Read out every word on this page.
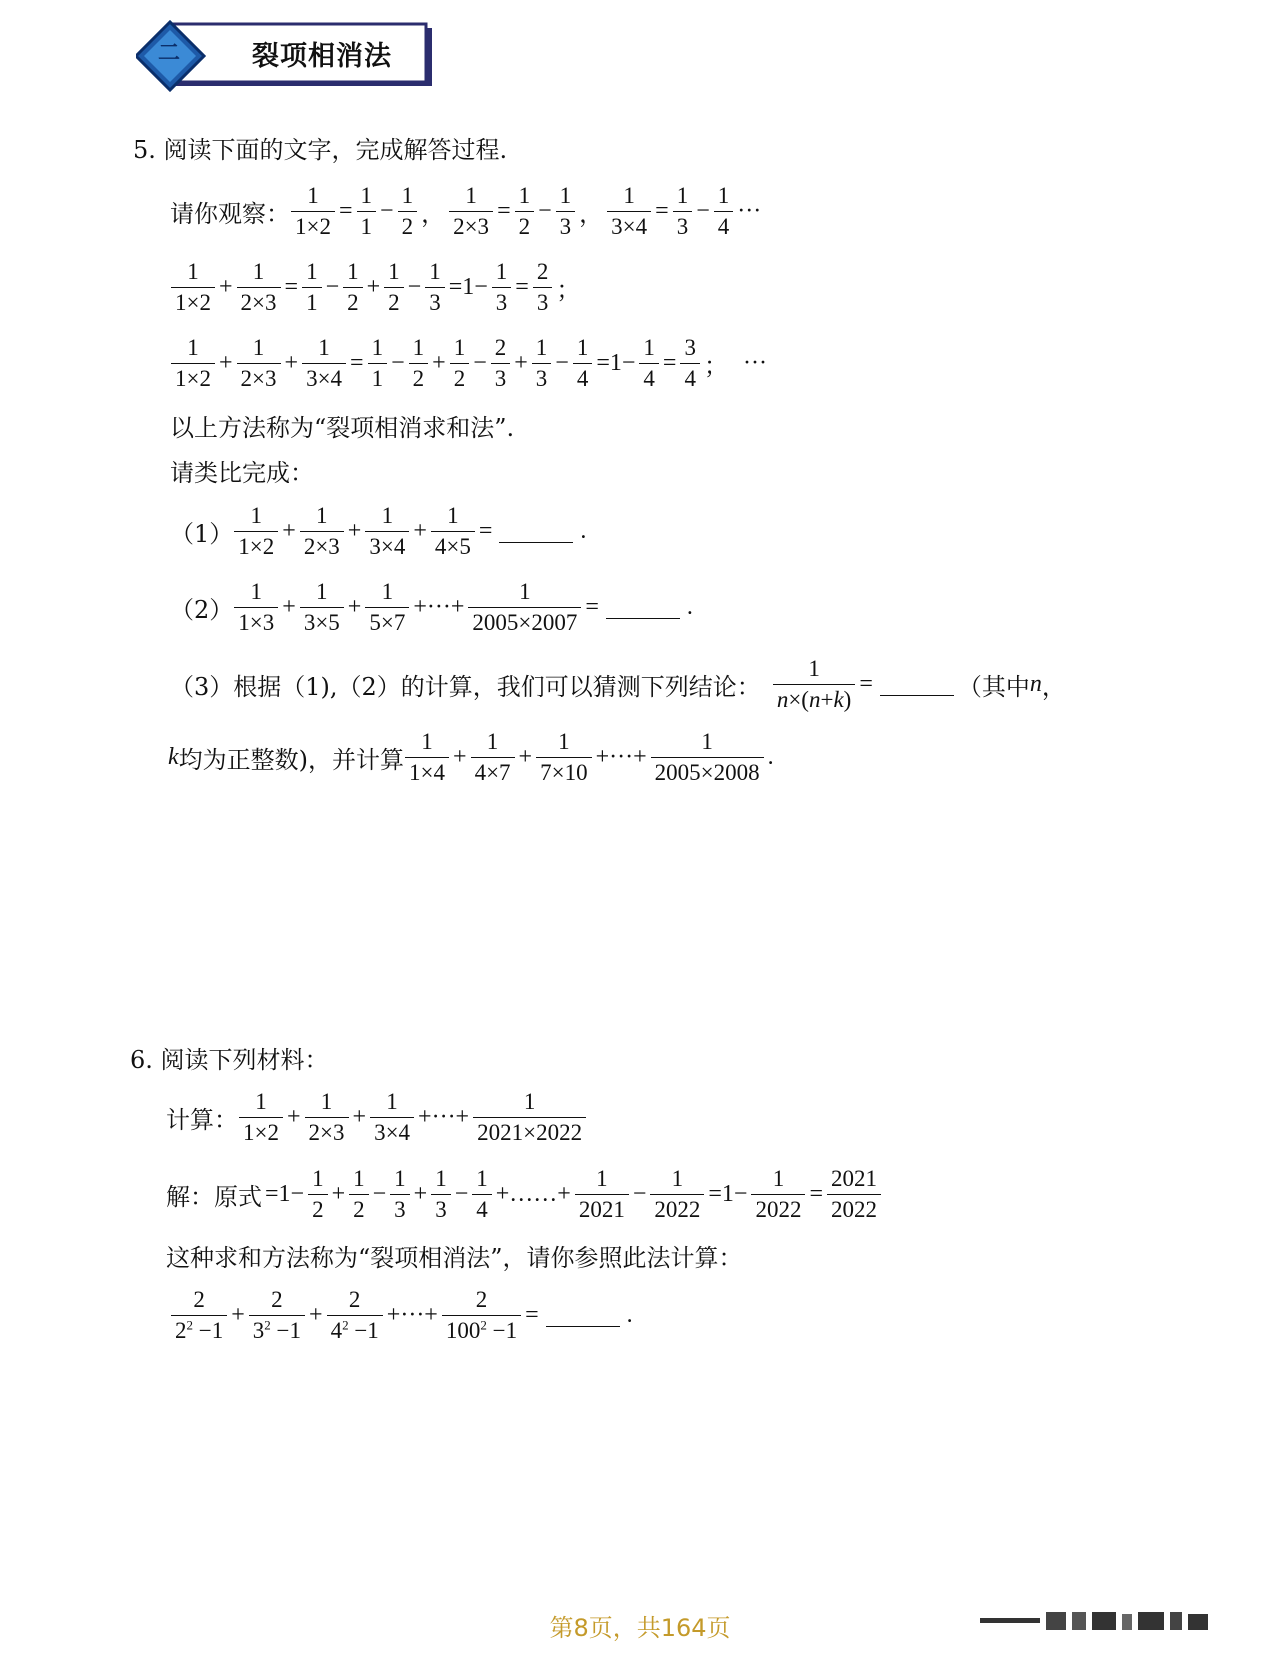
二	裂项相消法
5. 阅读下面的文字，完成解答过程.
请你观察： $\frac{1}{1\times 2} = \frac{1}{1} - \frac{1}{2}$ ， $\frac{1}{2\times 3} = \frac{1}{2} - \frac{1}{3}$ ， $\frac{1}{3\times 4} = \frac{1}{3} - \frac{1}{4}$ ···
$\frac{1}{1\times 2} + \frac{1}{2\times 3} = \frac{1}{1} - \frac{1}{2} + \frac{1}{2} - \frac{1}{3} =1- \frac{1}{3} = \frac{2}{3}$ ；
$\frac{1}{1\times 2} + \frac{1}{2\times 3} + \frac{1}{3\times 4} = \frac{1}{1} - \frac{1}{2} + \frac{1}{2} - \frac{2}{3} + \frac{1}{3} - \frac{1}{4} =1- \frac{1}{4} = \frac{3}{4}$ ； ···
以上方法称为“裂项相消求和法”.
请类比完成：
$(1) \frac{1}{1\times 2} + \frac{1}{2\times 3} + \frac{1}{3\times 4} + \frac{1}{4\times 5}$ =	.
$(2) \frac{1}{1\times 3} + \frac{1}{3\times 5} + \frac{1}{5\times 7}$ +···+ $\frac{1}{2005\times 2007}$ =	.
（3）根据（1),（2）的计算，我们可以猜测下列结论： $\frac{1}{n\times(n+k)}$ =	（其中 n ，
k 均为正整数)，并计算 $\frac{1}{1\times 4} + \frac{1}{4\times 7} + \frac{1}{7\times 10}$ +···+ $\frac{1}{2005\times 2008}$ .
6. 阅读下列材料：
计算： $\frac{1}{1\times 2} + \frac{1}{2\times 3} + \frac{1}{3\times 4}$ +···+ $\frac{1}{2021\times 2022}$
解：原式 $=1- \frac{1}{2} + \frac{1}{2} - \frac{1}{3} + \frac{1}{3} - \frac{1}{4}$ +……+ $\frac{1}{2021} - \frac{1}{2022} =1- \frac{1}{2022} = \frac{2021}{2022}$
这种求和方法称为“裂项相消法”，请你参照此法计算：
$\frac{2}{2^2 -1} + \frac{2}{3^2 -1} + \frac{2}{4^2 -1}$ +···+ $\frac{2}{100^2 -1}$ =	.
第8页，共164页
